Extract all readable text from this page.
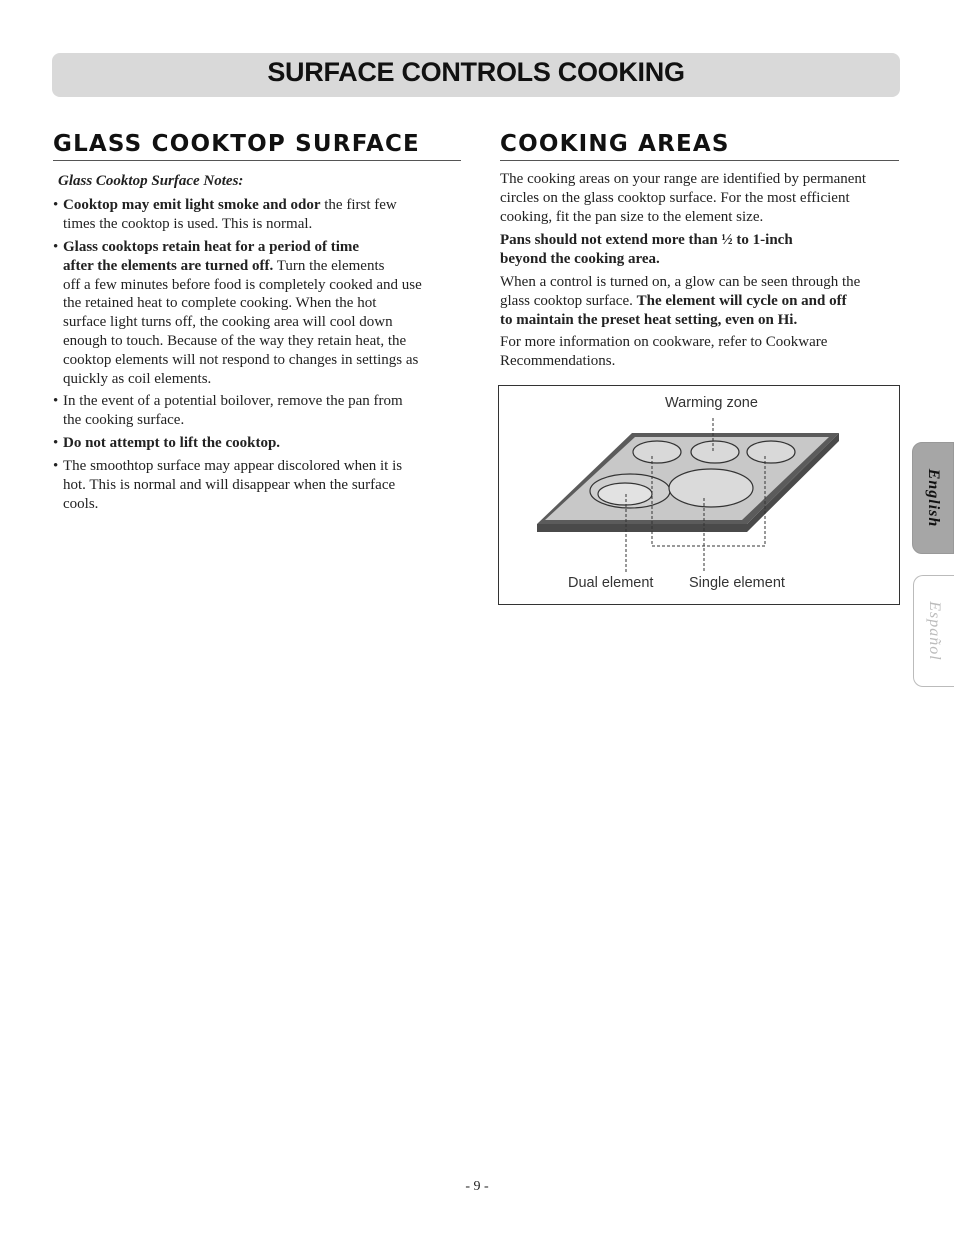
SURFACE CONTROLS COOKING
GLASS COOKTOP SURFACE
Glass Cooktop Surface Notes:
• Cooktop may emit light smoke and odor the first few
times the cooktop is used. This is normal.
• Glass cooktops retain heat for a period of time
after the elements are turned off. Turn the elements
off a few minutes before food is completely cooked and use
the retained heat to complete cooking. When the hot
surface light turns off, the cooking area will cool down
enough to touch. Because of the way they retain heat, the
cooktop elements will not respond to changes in settings as
quickly as coil elements.
• In the event of a potential boilover, remove the pan from
the cooking surface.
• Do not attempt to lift the cooktop.
• The smoothtop surface may appear discolored when it is
hot. This is normal and will disappear when the surface
cools.
COOKING AREAS
The cooking areas on your range are identified by permanent
circles on the glass cooktop surface. For the most efficient
cooking, fit the pan size to the element size.
Pans should not extend more than ½ to 1-inch
beyond the cooking area.
When a control is turned on, a glow can be seen through the
glass cooktop surface. The element will cycle on and off
to maintain the preset heat setting, even on Hi.
For more information on cookware, refer to Cookware
Recommendations.
Warming zone
Dual element Single element
English
Español
- 9 -
